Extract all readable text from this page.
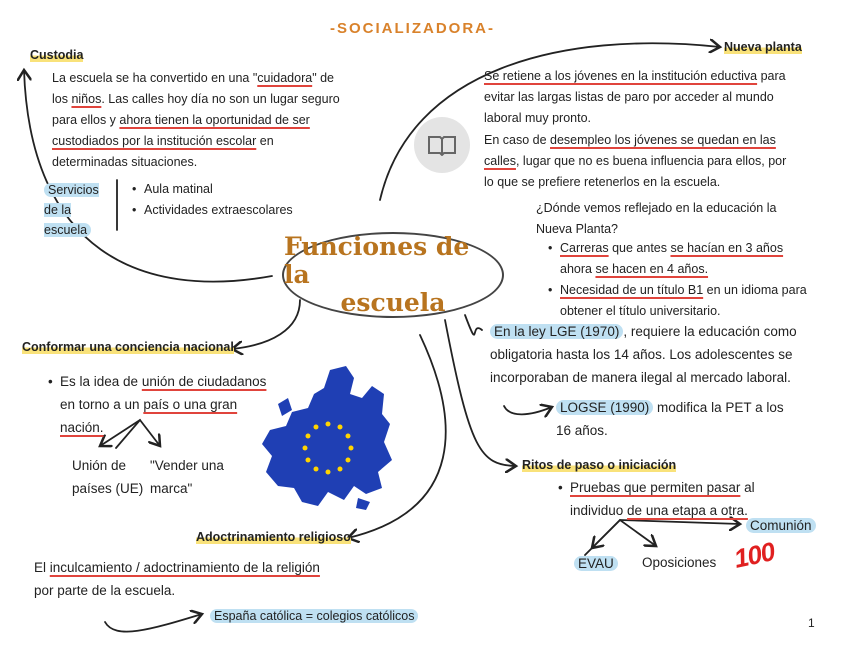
-SOCIALIZADORA-
Funciones de la
escuela
Custodia
La escuela se ha convertido en una "cuidadora" de los niños. Las calles hoy día no son un lugar seguro para ellos y ahora tienen la oportunidad de ser custodiados por la institución escolar en determinadas situaciones.
Servicios de la escuela
• Aula matinal
• Actividades extraescolares
Nueva planta
Se retiene a los jóvenes en la institución eductiva para evitar las largas listas de paro por acceder al mundo laboral muy pronto.
En caso de desempleo los jóvenes se quedan en las calles, lugar que no es buena influencia para ellos, por lo que se prefiere retenerlos en la escuela.
¿Dónde vemos reflejado en la educación la Nueva Planta?
• Carreras que antes se hacían en 3 años ahora se hacen en 4 años.
• Necesidad de un título B1 en un idioma para obtener el título universitario.
En la ley LGE (1970) , requiere la educación como obligatoria hasta los 14 años. Los adolescentes se incorporaban de manera ilegal al mercado laboral.
LOGSE (1990) modifica la PET a los 16 años.
Conformar una conciencia nacional
• Es la idea de unión de ciudadanos en torno a un país o una gran nación.
Unión de
países (UE)
"Vender una
marca"
Ritos de paso o iniciación
• Pruebas que permiten pasar al individuo de una etapa a otra.
EVAU Oposiciones
Comunión
100
Adoctrinamiento religioso
El inculcamiento / adoctrinamiento de la religión por parte de la escuela.
España católica = colegios católicos	1
